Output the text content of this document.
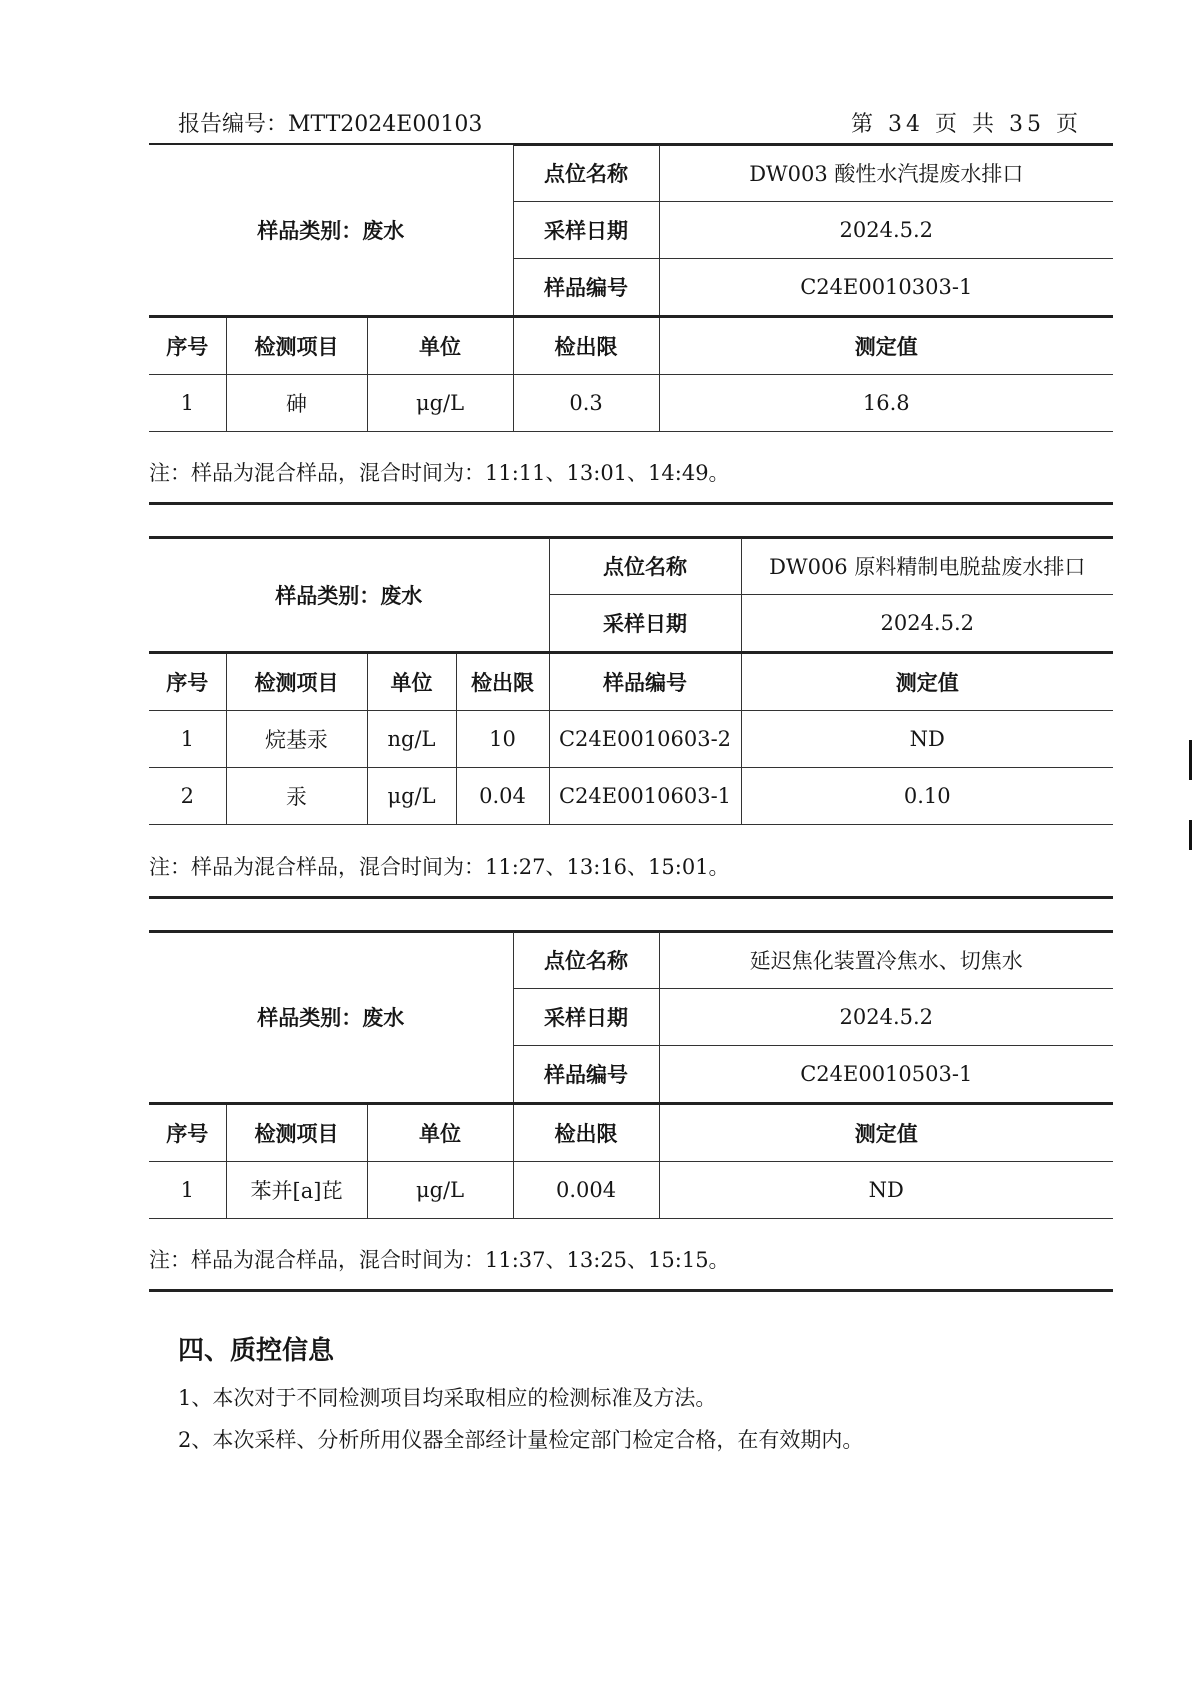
报告编号：MTT2024E00103	第 34 页 共 35 页
样品类别：废水			点位名称	DW003 酸性水汽提废水排口
			采样日期	2024.5.2
			样品编号	C24E0010303-1
序号	检测项目	单位	检出限	测定值
1	砷	μg/L	0.3	16.8
注：样品为混合样品，混合时间为：11:11、13:01、14:49。
样品类别：废水				点位名称	DW006 原料精制电脱盐废水排口
				采样日期	2024.5.2
序号	检测项目	单位	检出限	样品编号	测定值
1	烷基汞	ng/L	10	C24E0010603-2	ND
2	汞	μg/L	0.04	C24E0010603-1	0.10
注：样品为混合样品，混合时间为：11:27、13:16、15:01。
样品类别：废水			点位名称	延迟焦化装置冷焦水、切焦水
			采样日期	2024.5.2
			样品编号	C24E0010503-1
序号	检测项目	单位	检出限	测定值
1	苯并[a]芘	μg/L	0.004	ND
注：样品为混合样品，混合时间为：11:37、13:25、15:15。
四、质控信息
1、本次对于不同检测项目均采取相应的检测标准及方法。
2、本次采样、分析所用仪器全部经计量检定部门检定合格，在有效期内。
